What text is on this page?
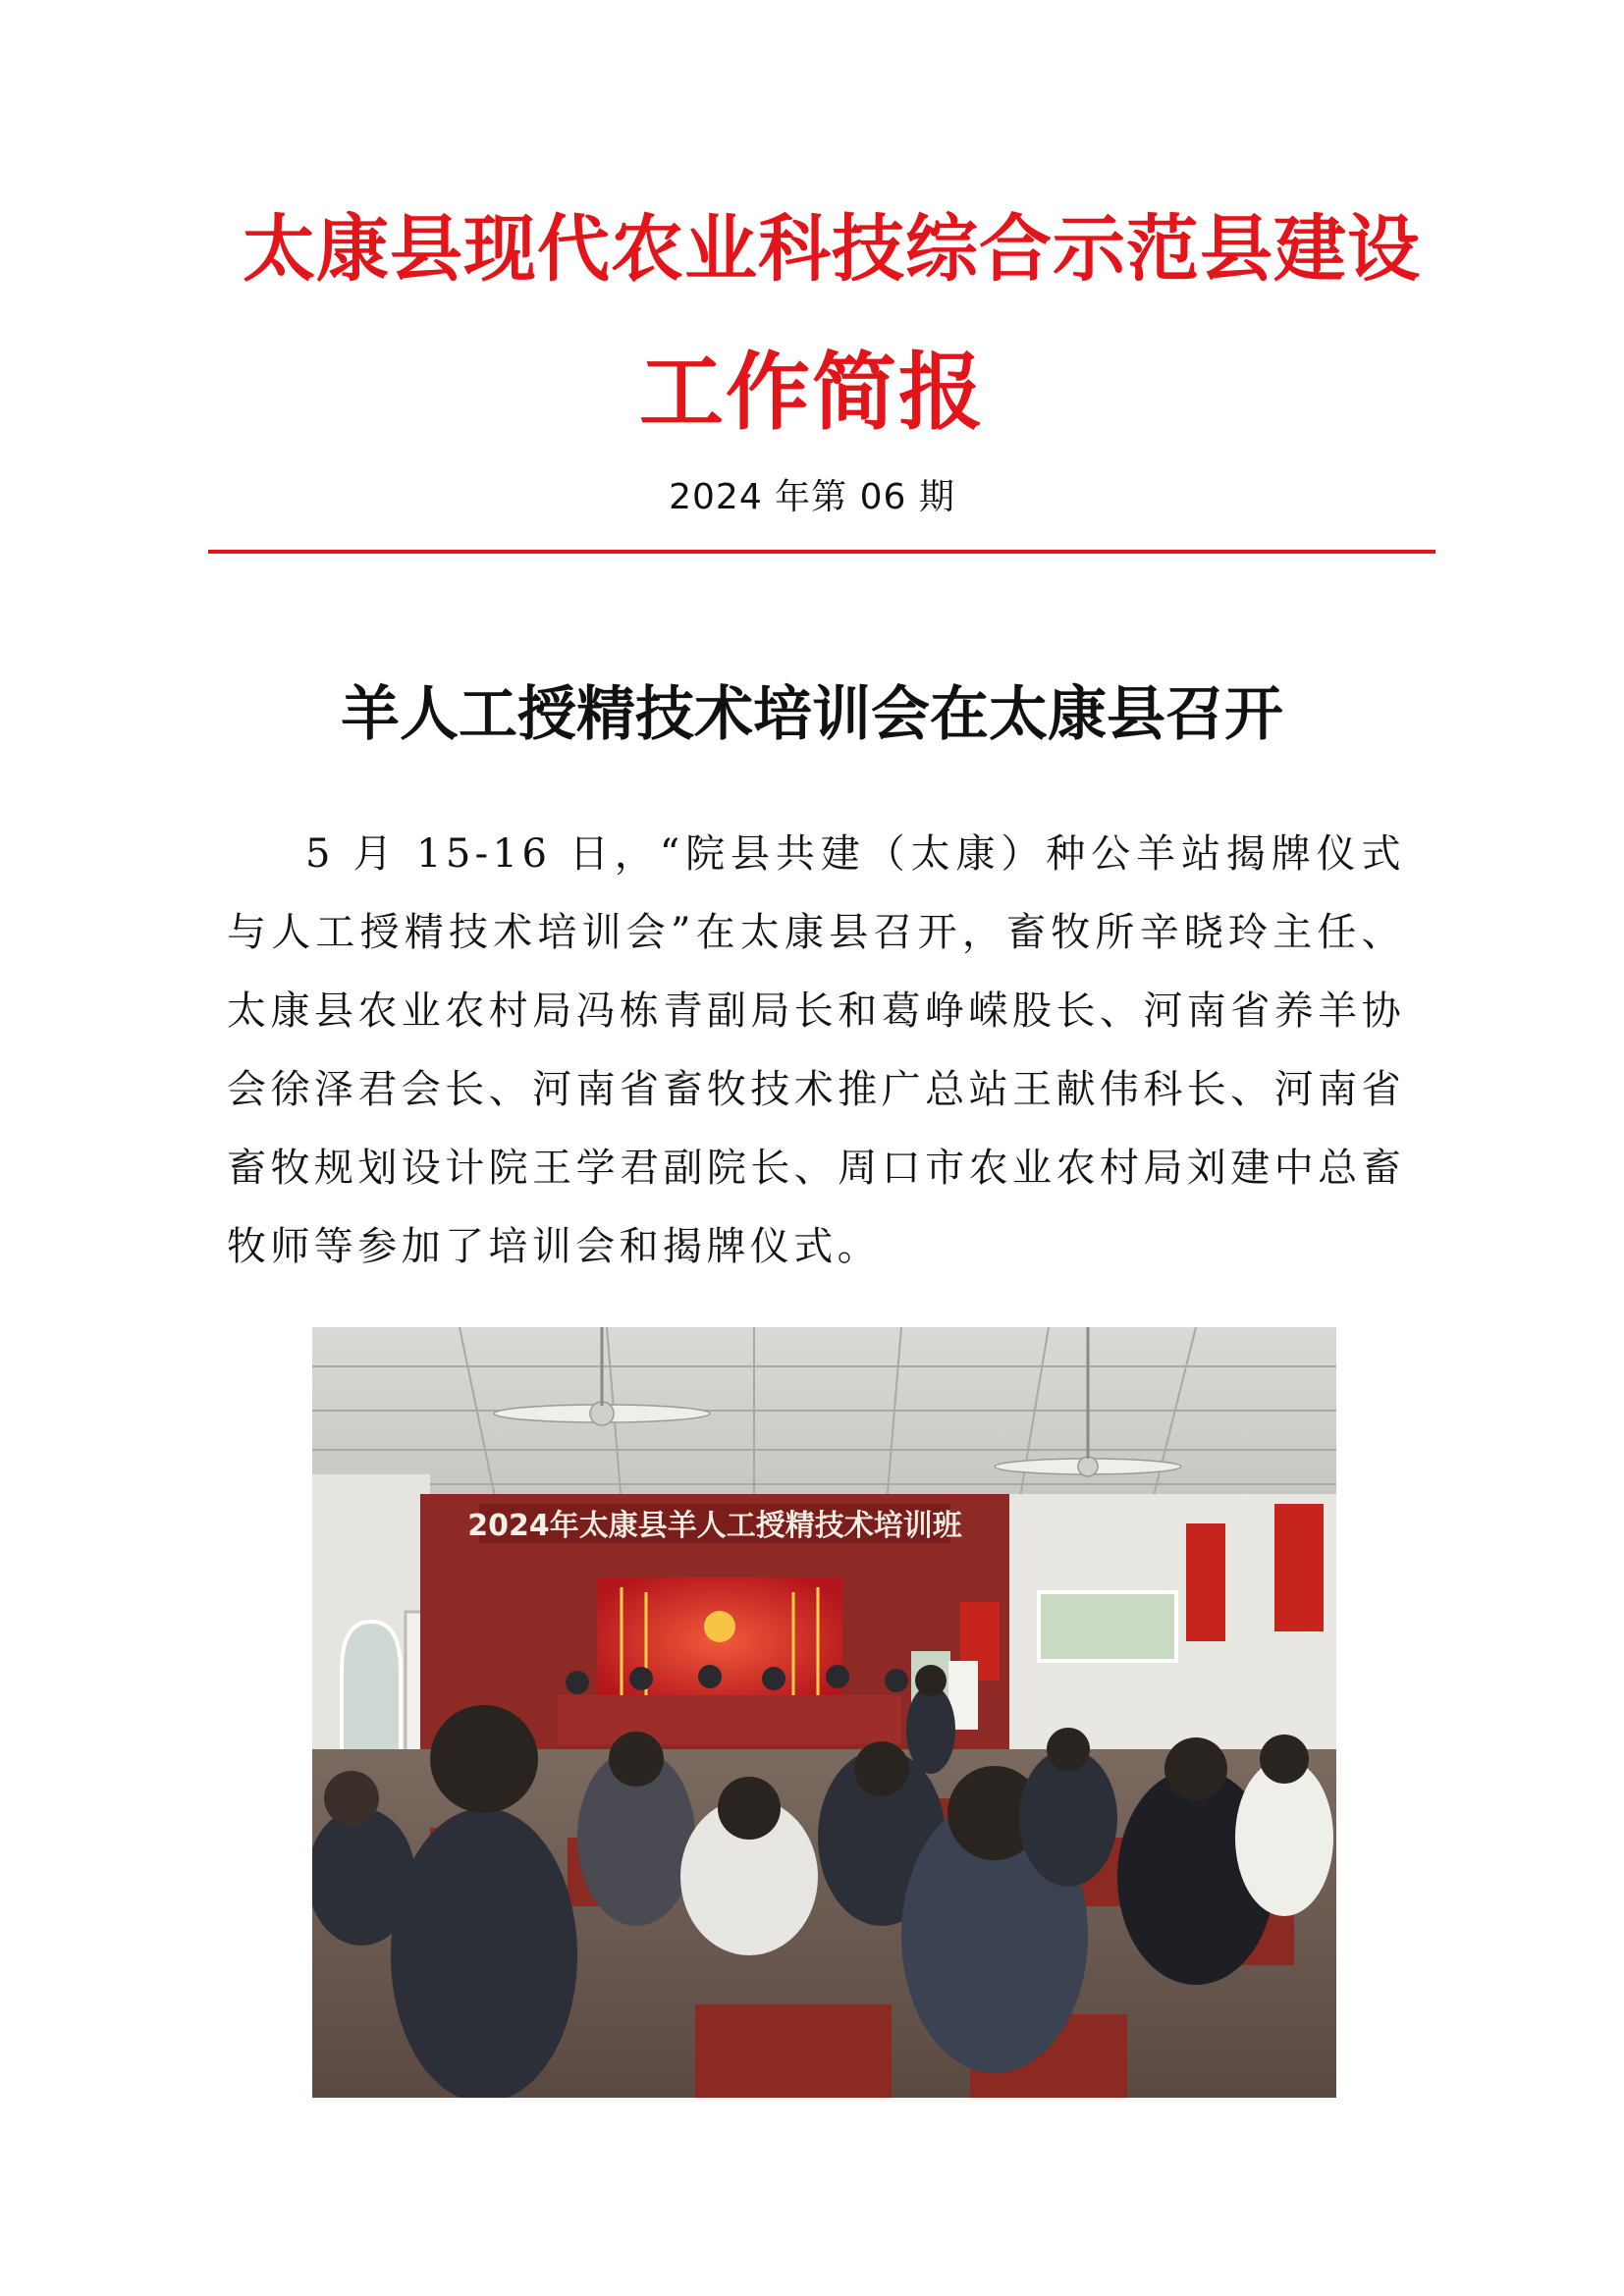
太康县现代农业科技综合示范县建设
工作简报
2024 年第 06 期
羊人工授精技术培训会在太康县召开

5 月 15-16 日，“院县共建（太康）种公羊站揭牌仪式与人工授精技术培训会”在太康县召开，畜牧所辛晓玲主任、太康县农业农村局冯栋青副局长和葛峥嵘股长、河南省养羊协会徐泽君会长、河南省畜牧技术推广总站王献伟科长、河南省畜牧规划设计院王学君副院长、周口市农业农村局刘建中总畜牧师等参加了培训会和揭牌仪式。

2024年太康县羊人工授精技术培训班
